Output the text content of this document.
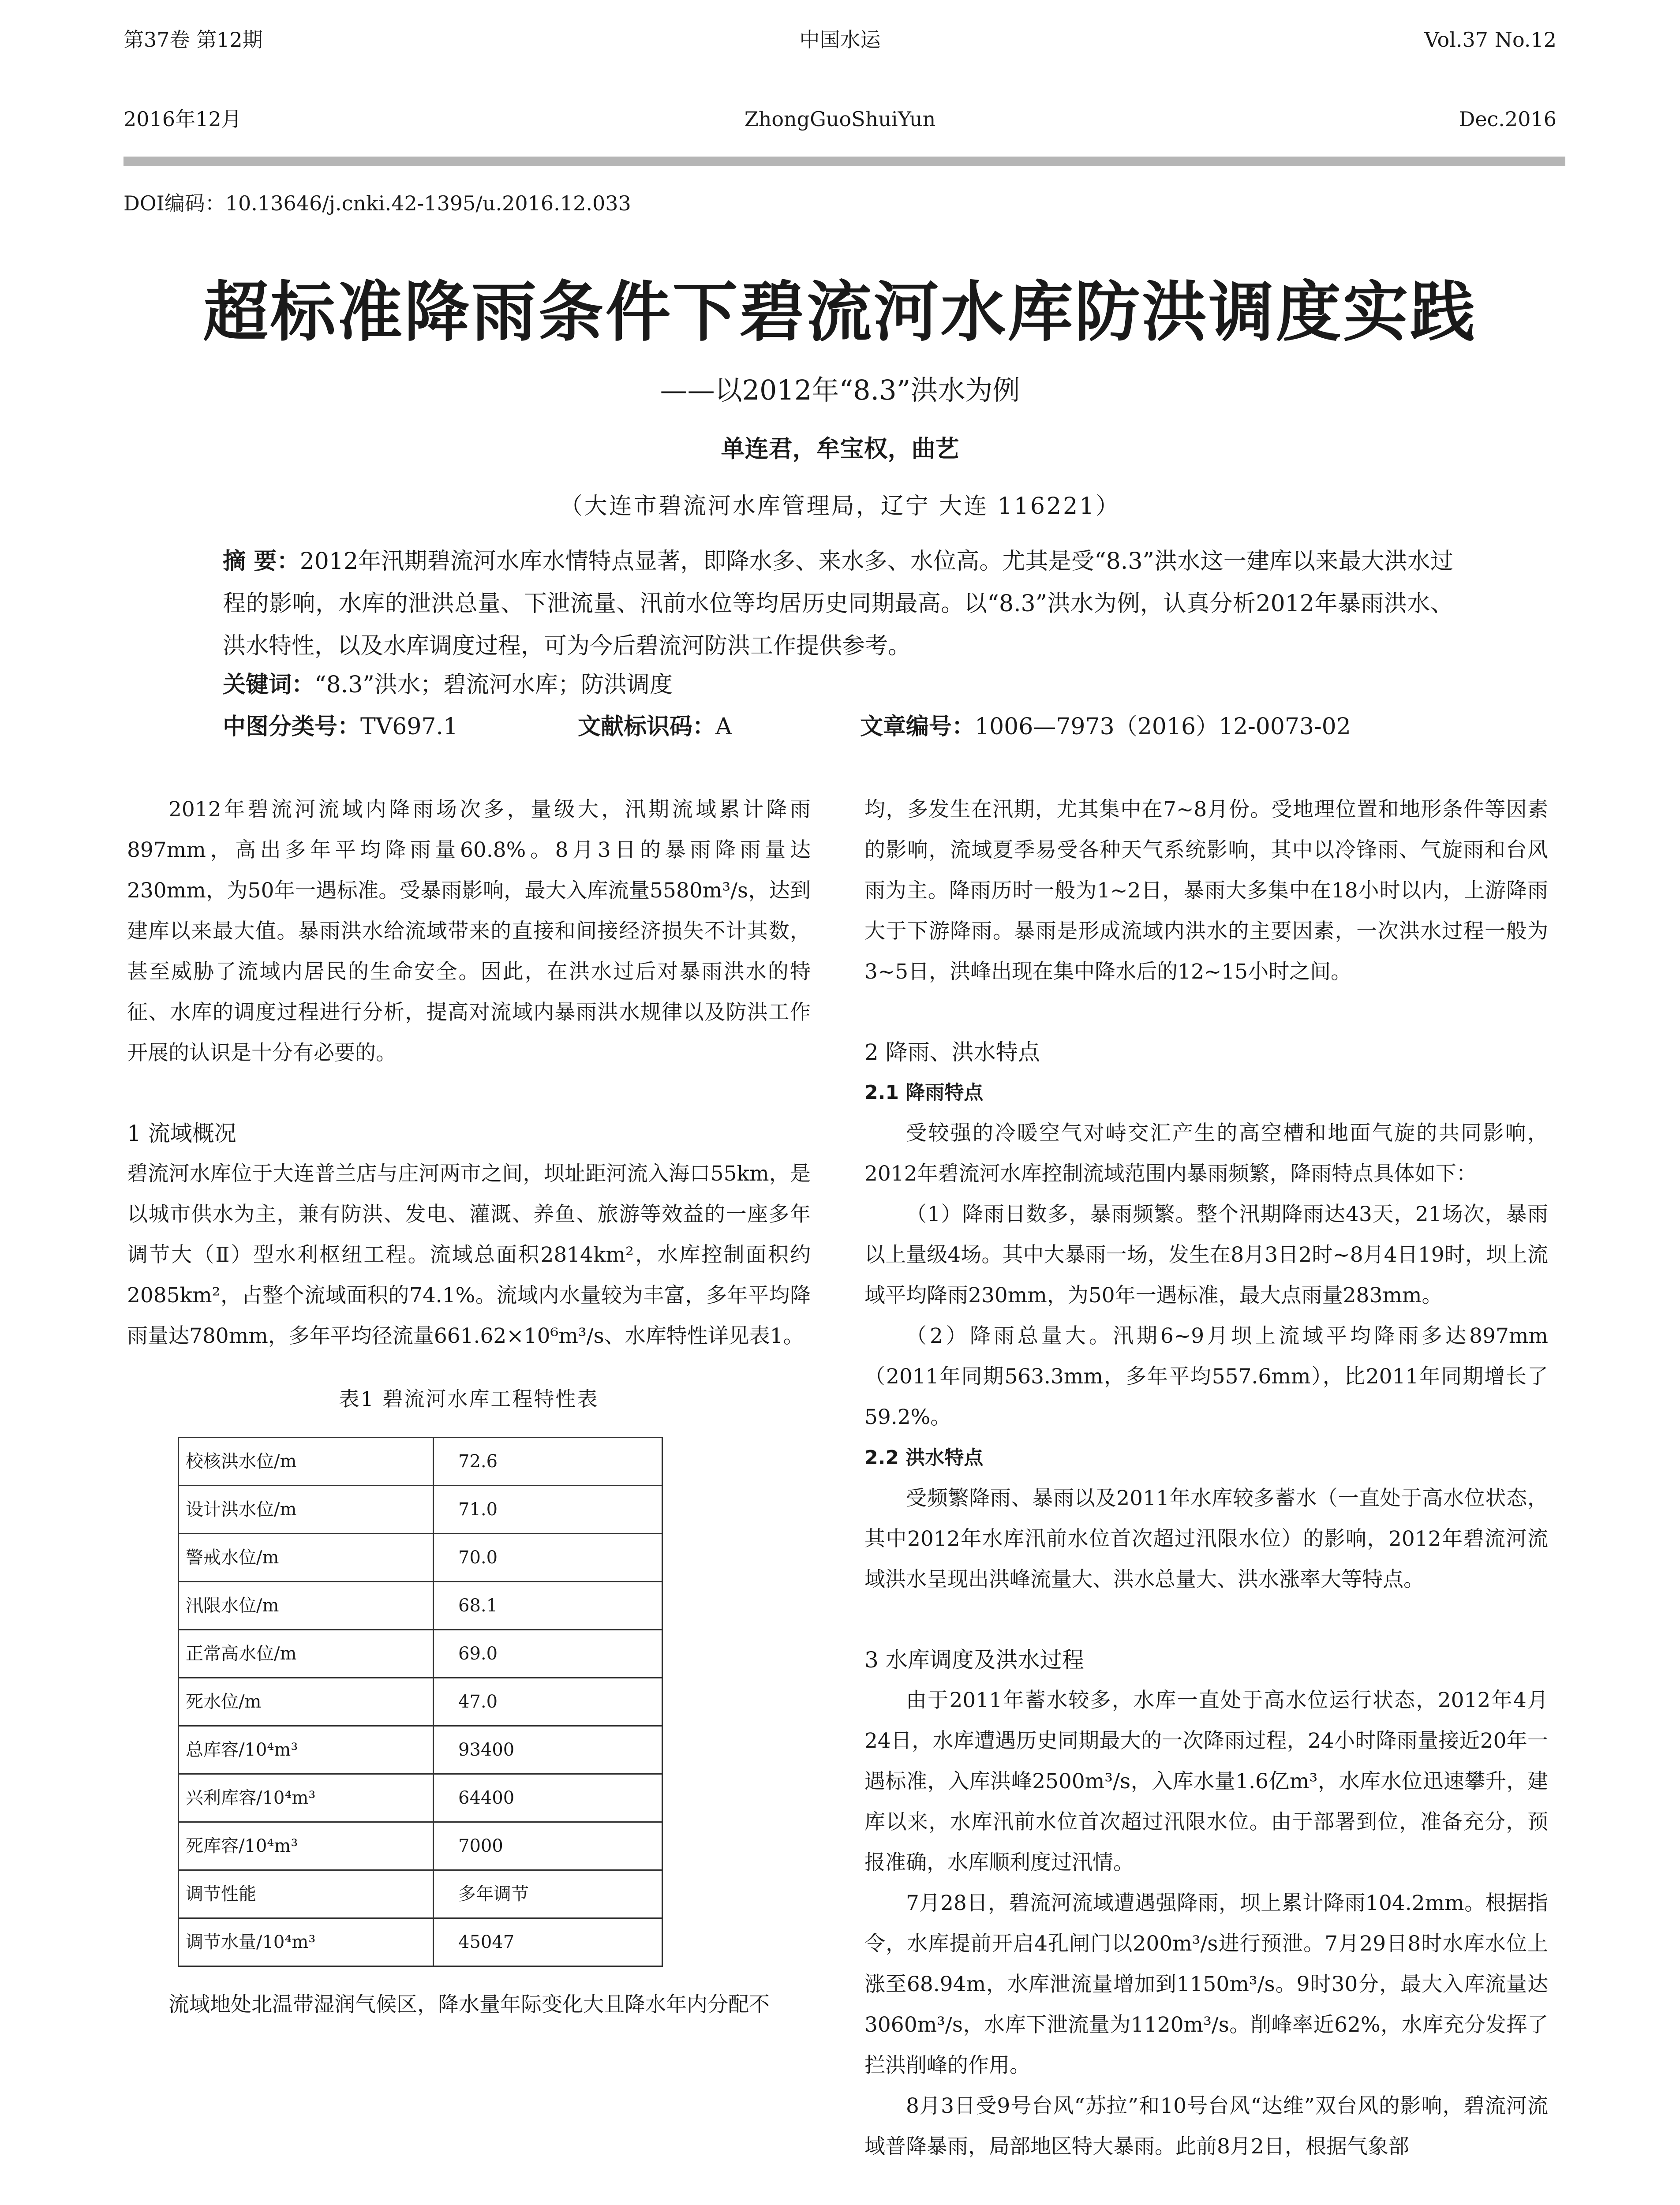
第37卷 第12期
2016年12月
中国水运
ZhongGuoShuiYun
Vol.37 No.12
Dec.2016
DOI编码：10.13646/j.cnki.42-1395/u.2016.12.033
超标准降雨条件下碧流河水库防洪调度实践
——以2012年“8.3”洪水为例
单连君，牟宝权，曲艺
（大连市碧流河水库管理局，辽宁 大连 116221）
摘 要：2012年汛期碧流河水库水情特点显著，即降水多、来水多、水位高。尤其是受“8.3”洪水这一建库以来最大洪水过程的影响，水库的泄洪总量、下泄流量、汛前水位等均居历史同期最高。以“8.3”洪水为例，认真分析2012年暴雨洪水、洪水特性，以及水库调度过程，可为今后碧流河防洪工作提供参考。
关键词：“8.3”洪水；碧流河水库；防洪调度
中图分类号：TV697.1	文献标识码：A	文章编号：1006—7973（2016）12-0073-02

2012年碧流河流域内降雨场次多，量级大，汛期流域累计降雨897mm，高出多年平均降雨量60.8%。8月3日的暴雨降雨量达230mm，为50年一遇标准。受暴雨影响，最大入库流量5580m³/s，达到建库以来最大值。暴雨洪水给流域带来的直接和间接经济损失不计其数，甚至威胁了流域内居民的生命安全。因此，在洪水过后对暴雨洪水的特征、水库的调度过程进行分析，提高对流域内暴雨洪水规律以及防洪工作开展的认识是十分有必要的。

1 流域概况

碧流河水库位于大连普兰店与庄河两市之间，坝址距河流入海口55km，是以城市供水为主，兼有防洪、发电、灌溉、养鱼、旅游等效益的一座多年调节大（Ⅱ）型水利枢纽工程。流域总面积2814km²，水库控制面积约2085km²，占整个流域面积的74.1%。流域内水量较为丰富，多年平均降雨量达780mm，多年平均径流量661.62×10⁶m³/s、水库特性详见表1。

表1 碧流河水库工程特性表
校核洪水位/m	72.6
设计洪水位/m	71.0
警戒水位/m	70.0
汛限水位/m	68.1
正常高水位/m	69.0
死水位/m	47.0
总库容/10⁴m³	93400
兴利库容/10⁴m³	64400
死库容/10⁴m³	7000
调节性能	多年调节
调节水量/10⁴m³	45047

流域地处北温带湿润气候区，降水量年际变化大且降水年内分配不

均，多发生在汛期，尤其集中在7~8月份。受地理位置和地形条件等因素的影响，流域夏季易受各种天气系统影响，其中以冷锋雨、气旋雨和台风雨为主。降雨历时一般为1~2日，暴雨大多集中在18小时以内，上游降雨大于下游降雨。暴雨是形成流域内洪水的主要因素，一次洪水过程一般为3~5日，洪峰出现在集中降水后的12~15小时之间。

2 降雨、洪水特点
2.1 降雨特点

受较强的冷暖空气对峙交汇产生的高空槽和地面气旋的共同影响，2012年碧流河水库控制流域范围内暴雨频繁，降雨特点具体如下：

（1）降雨日数多，暴雨频繁。整个汛期降雨达43天，21场次，暴雨以上量级4场。其中大暴雨一场，发生在8月3日2时~8月4日19时，坝上流域平均降雨230mm，为50年一遇标准，最大点雨量283mm。

（2）降雨总量大。汛期6~9月坝上流域平均降雨多达897mm（2011年同期563.3mm，多年平均557.6mm），比2011年同期增长了59.2%。

2.2 洪水特点

受频繁降雨、暴雨以及2011年水库较多蓄水（一直处于高水位状态，其中2012年水库汛前水位首次超过汛限水位）的影响，2012年碧流河流域洪水呈现出洪峰流量大、洪水总量大、洪水涨率大等特点。

3 水库调度及洪水过程

由于2011年蓄水较多，水库一直处于高水位运行状态，2012年4月24日，水库遭遇历史同期最大的一次降雨过程，24小时降雨量接近20年一遇标准，入库洪峰2500m³/s，入库水量1.6亿m³，水库水位迅速攀升，建库以来，水库汛前水位首次超过汛限水位。由于部署到位，准备充分，预报准确，水库顺利度过汛情。

7月28日，碧流河流域遭遇强降雨，坝上累计降雨104.2mm。根据指令，水库提前开启4孔闸门以200m³/s进行预泄。7月29日8时水库水位上涨至68.94m，水库泄流量增加到1150m³/s。9时30分，最大入库流量达3060m³/s，水库下泄流量为1120m³/s。削峰率近62%，水库充分发挥了拦洪削峰的作用。

8月3日受9号台风“苏拉”和10号台风“达维”双台风的影响，碧流河流域普降暴雨，局部地区特大暴雨。此前8月2日，根据气象部
